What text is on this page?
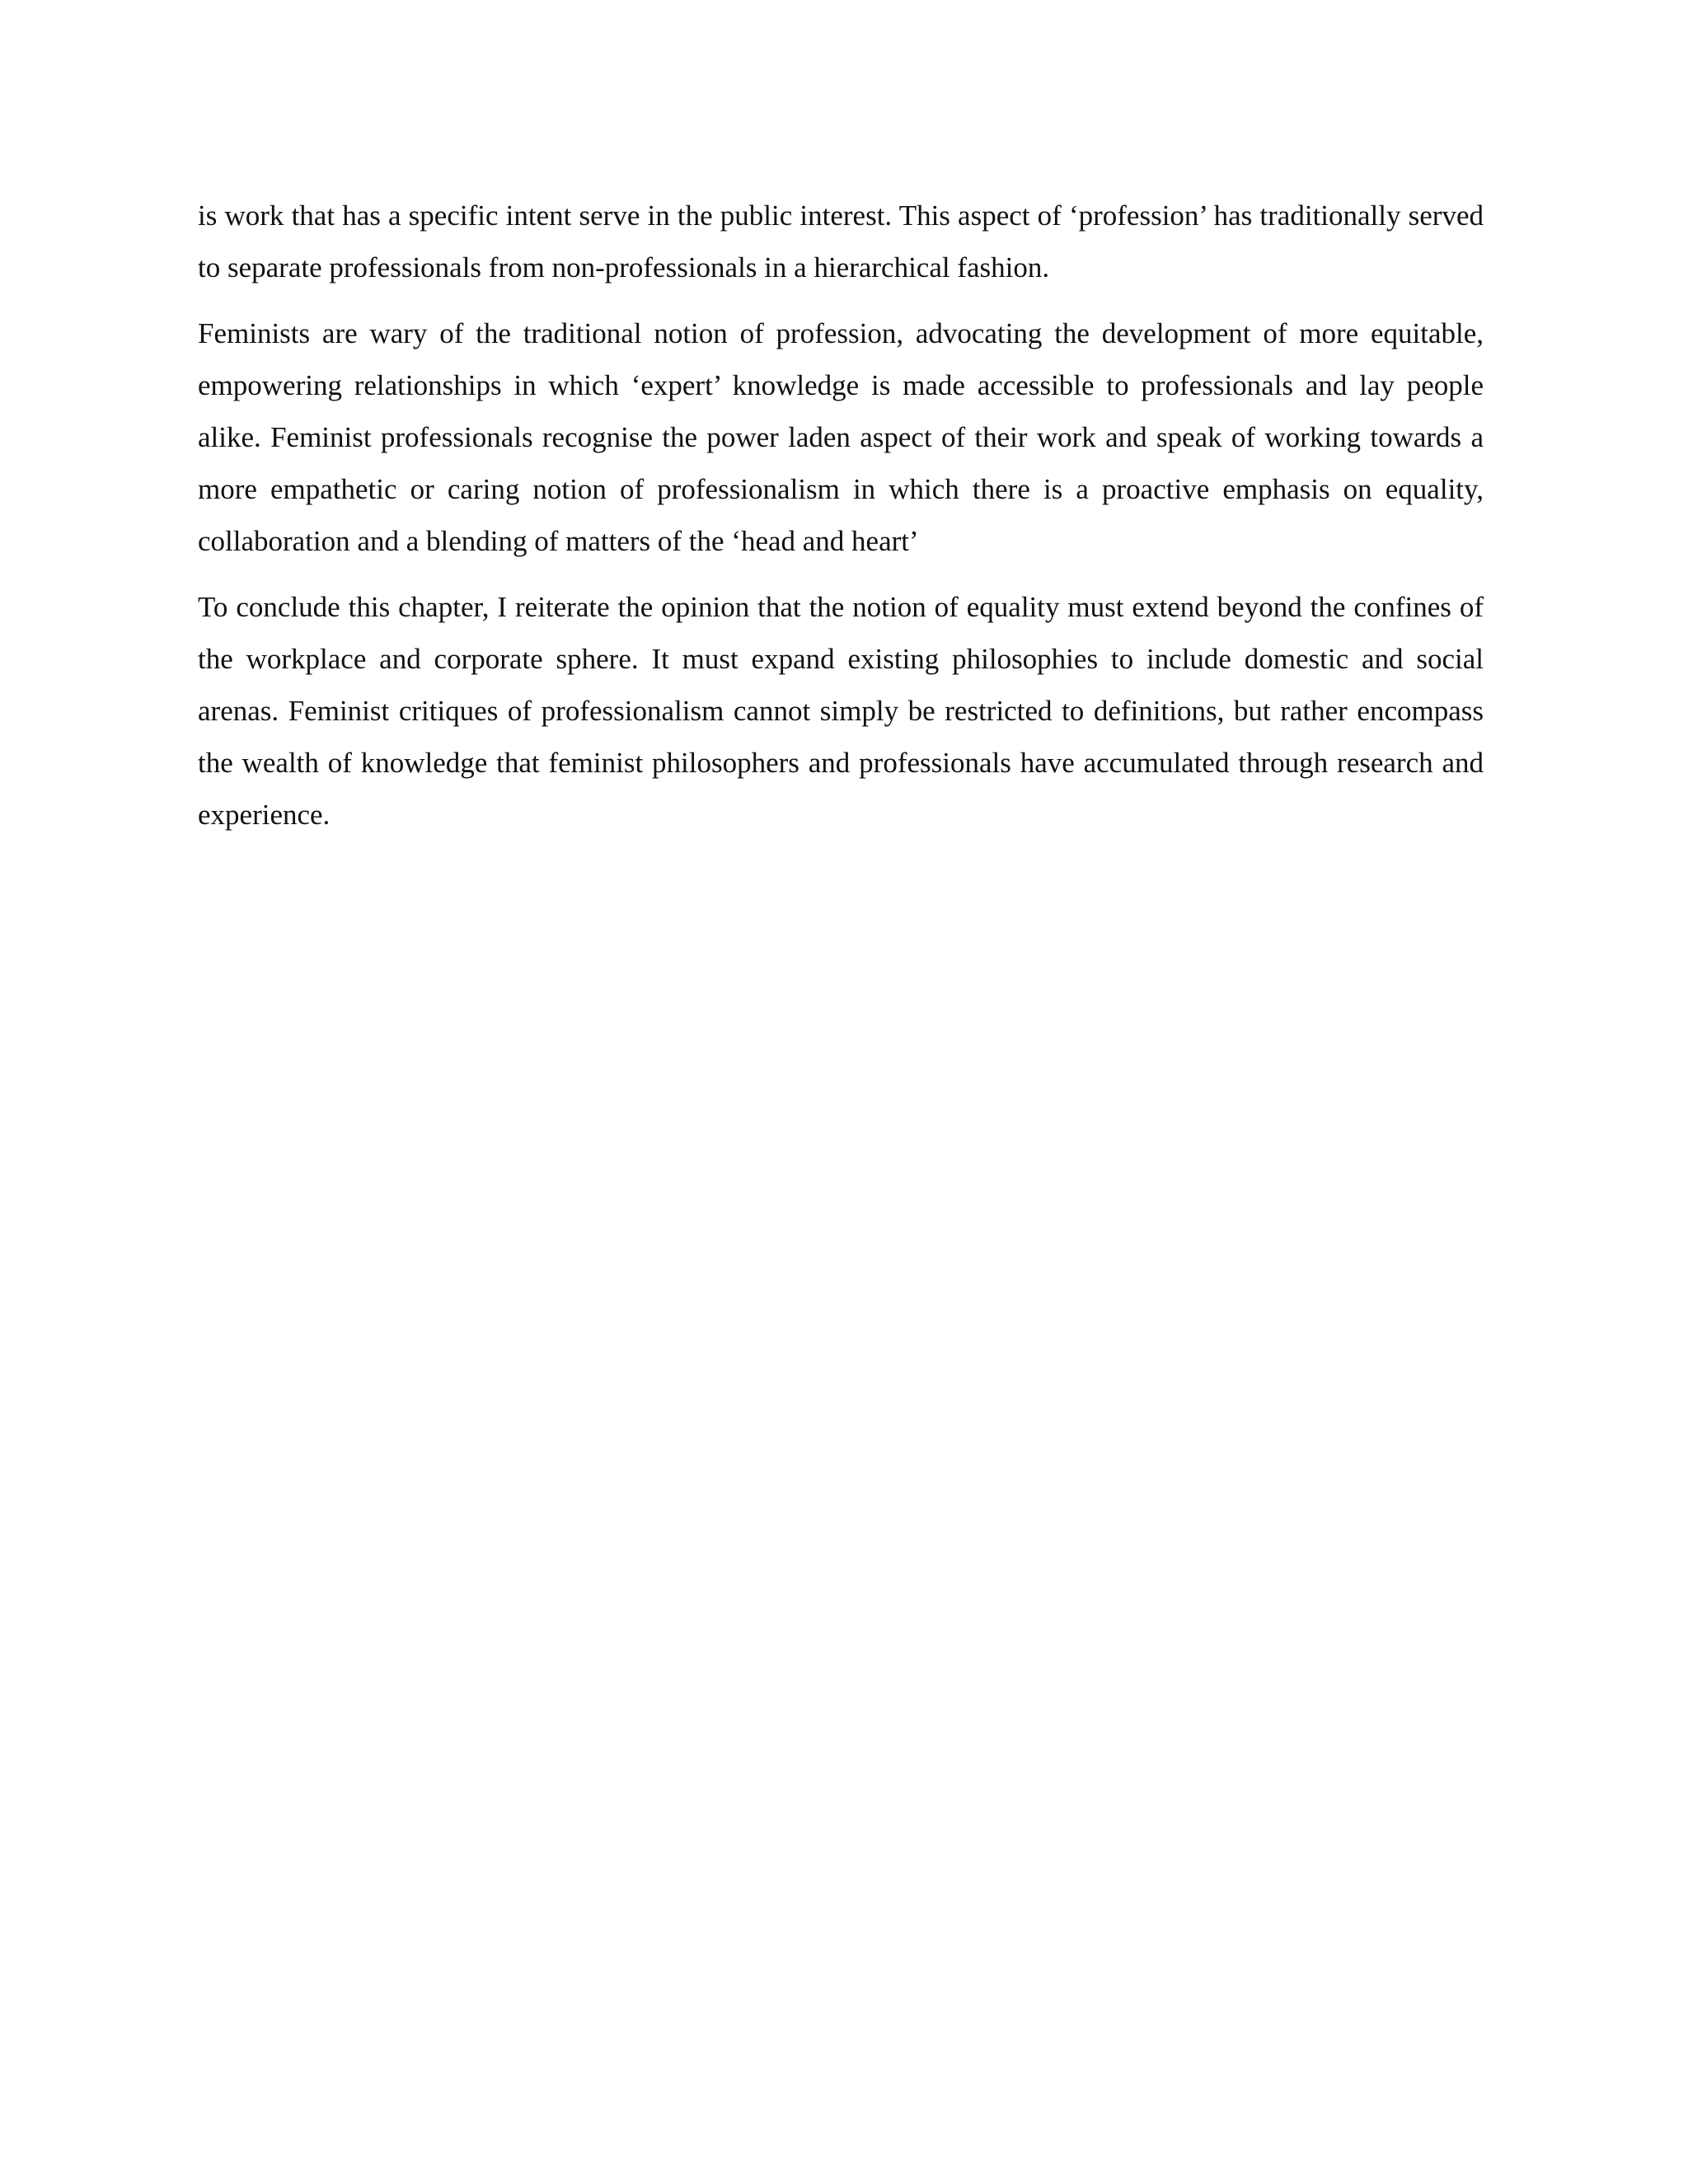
is work that has a specific intent serve in the public interest. This aspect of ‘profession’ has traditionally served to separate professionals from non-professionals in a hierarchical fashion.

Feminists are wary of the traditional notion of profession, advocating the development of more equitable, empowering relationships in which ‘expert’ knowledge is made accessible to professionals and lay people alike. Feminist professionals recognise the power laden aspect of their work and speak of working towards a more empathetic or caring notion of professionalism in which there is a proactive emphasis on equality, collaboration and a blending of matters of the ‘head and heart’

To conclude this chapter, I reiterate the opinion that the notion of equality must extend beyond the confines of the workplace and corporate sphere. It must expand existing philosophies to include domestic and social arenas. Feminist critiques of professionalism cannot simply be restricted to definitions, but rather encompass the wealth of knowledge that feminist philosophers and professionals have accumulated through research and experience.
